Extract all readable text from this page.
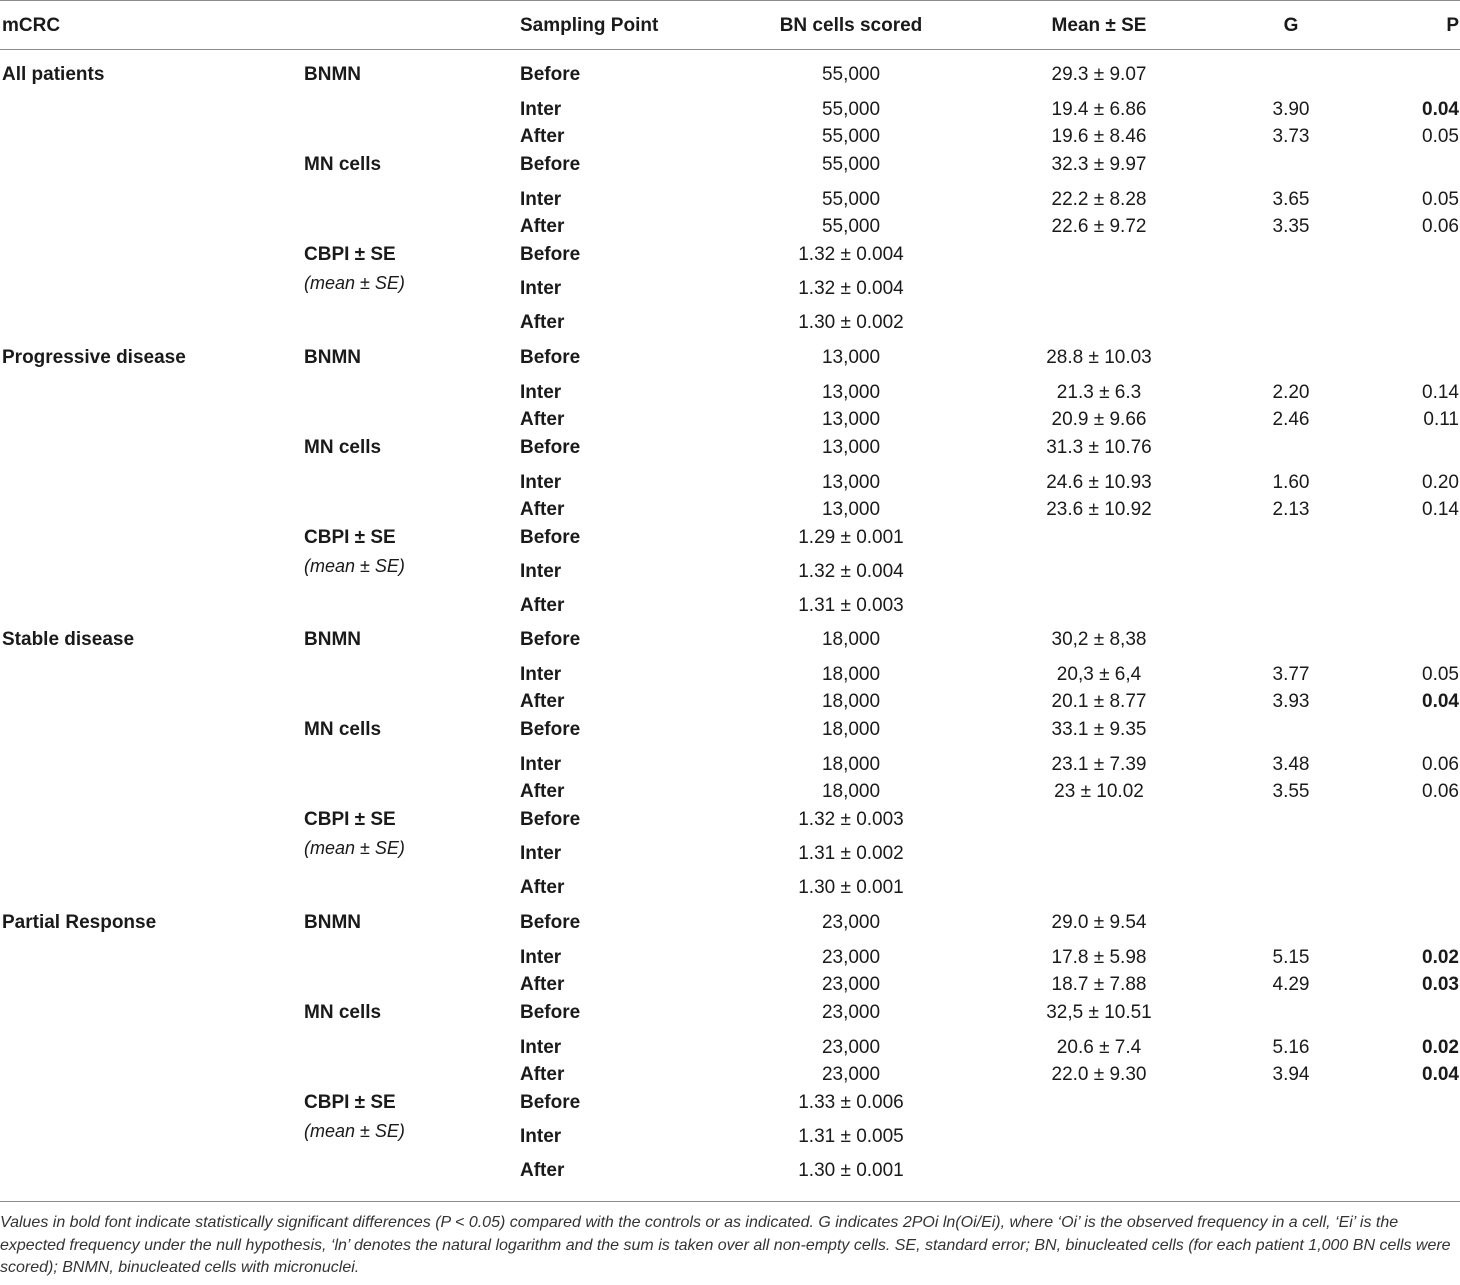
mCRC	Sampling Point	BN cells scored	Mean ± SE	G	P
All patients	BNMN	Before	55,000	29.3 ± 9.07
Inter	55,000	19.4 ± 6.86	3.90	0.04
After	55,000	19.6 ± 8.46	3.73	0.05
MN cells	Before	55,000	32.3 ± 9.97
Inter	55,000	22.2 ± 8.28	3.65	0.05
After	55,000	22.6 ± 9.72	3.35	0.06
CBPI ± SE
(mean ± SE)
Before	1.32 ± 0.004
Inter	1.32 ± 0.004
After	1.30 ± 0.002
Progressive disease	BNMN	Before	13,000	28.8 ± 10.03
Inter	13,000	21.3 ± 6.3	2.20	0.14
After	13,000	20.9 ± 9.66	2.46	0.11
MN cells	Before	13,000	31.3 ± 10.76
Inter	13,000	24.6 ± 10.93	1.60	0.20
After	13,000	23.6 ± 10.92	2.13	0.14
CBPI ± SE
(mean ± SE)
Before	1.29 ± 0.001
Inter	1.32 ± 0.004
After	1.31 ± 0.003
Stable disease	BNMN	Before	18,000	30,2 ± 8,38
Inter	18,000	20,3 ± 6,4	3.77	0.05
After	18,000	20.1 ± 8.77	3.93	0.04
MN cells	Before	18,000	33.1 ± 9.35
Inter	18,000	23.1 ± 7.39	3.48	0.06
After	18,000	23 ± 10.02	3.55	0.06
CBPI ± SE
(mean ± SE)
Before	1.32 ± 0.003
Inter	1.31 ± 0.002
After	1.30 ± 0.001
Partial Response	BNMN	Before	23,000	29.0 ± 9.54
Inter	23,000	17.8 ± 5.98	5.15	0.02
After	23,000	18.7 ± 7.88	4.29	0.03
MN cells	Before	23,000	32,5 ± 10.51
Inter	23,000	20.6 ± 7.4	5.16	0.02
After	23,000	22.0 ± 9.30	3.94	0.04
CBPI ± SE
(mean ± SE)
Before	1.33 ± 0.006
Inter	1.31 ± 0.005
After	1.30 ± 0.001
Values in bold font indicate statistically significant differences (P < 0.05) compared with the controls or as indicated. G indicates 2ΡOi ln(Oi/Ei), where ‘Oi’ is the observed frequency in a cell, ‘Ei’ is the expected frequency under the null hypothesis, ‘ln’ denotes the natural logarithm and the sum is taken over all non-empty cells. SE, standard error; BN, binucleated cells (for each patient 1,000 BN cells were scored); BNMN, binucleated cells with micronuclei.
